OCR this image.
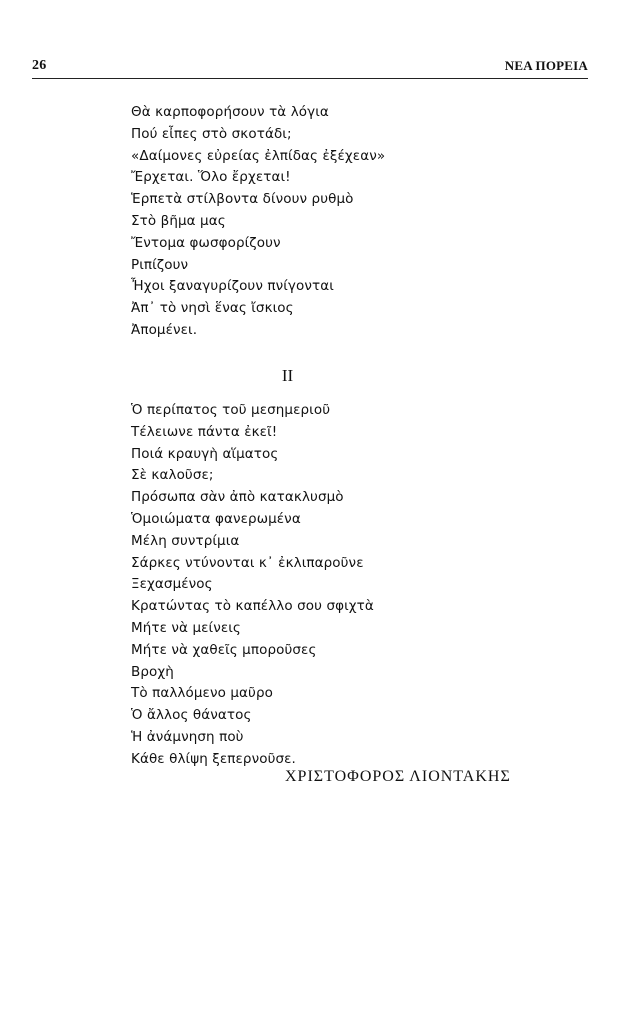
26	ΝΕΑ ΠΟΡΕΙΑ
Θὰ καρποφορήσουν τὰ λόγια
Πού εἶπες στὸ σκοτάδι;
«Δαίμονες εὐρείας ἐλπίδας ἐξέχεαν»
Ἔρχεται. Ὅλο ἔρχεται!
Ἑρπετὰ στίλβοντα δίνουν ρυθμὸ
Στὸ βῆμα μας
Ἔντομα φωσφορίζουν
Ριπίζουν
Ἦχοι ξαναγυρίζουν πνίγονται
Ἀπ᾽ τὸ νησὶ ἕνας ἴσκιος
Ἀπομένει.
II
Ὁ περίπατος τοῦ μεσημεριοῦ
Τέλειωνε πάντα ἐκεῖ!
Ποιά κραυγὴ αἵματος
Σὲ καλοῦσε;
Πρόσωπα σὰν ἀπὸ κατακλυσμὸ
Ὁμοιώματα φανερωμένα
Μέλη συντρίμια
Σάρκες ντύνονται κ᾽ ἐκλιπαροῦνε
Ξεχασμένος
Κρατώντας τὸ καπέλλο σου σφιχτὰ
Μήτε νὰ μείνεις
Μήτε νὰ χαθεῖς μποροῦσες
Βροχὴ
Τὸ παλλόμενο μαῦρο
Ὁ ἄλλος θάνατος
Ἡ ἀνάμνηση ποὺ
Κάθε θλίψη ξεπερνοῦσε.
ΧΡΙΣΤΟΦΟΡΟΣ ΛΙΟΝΤΑΚΗΣ
